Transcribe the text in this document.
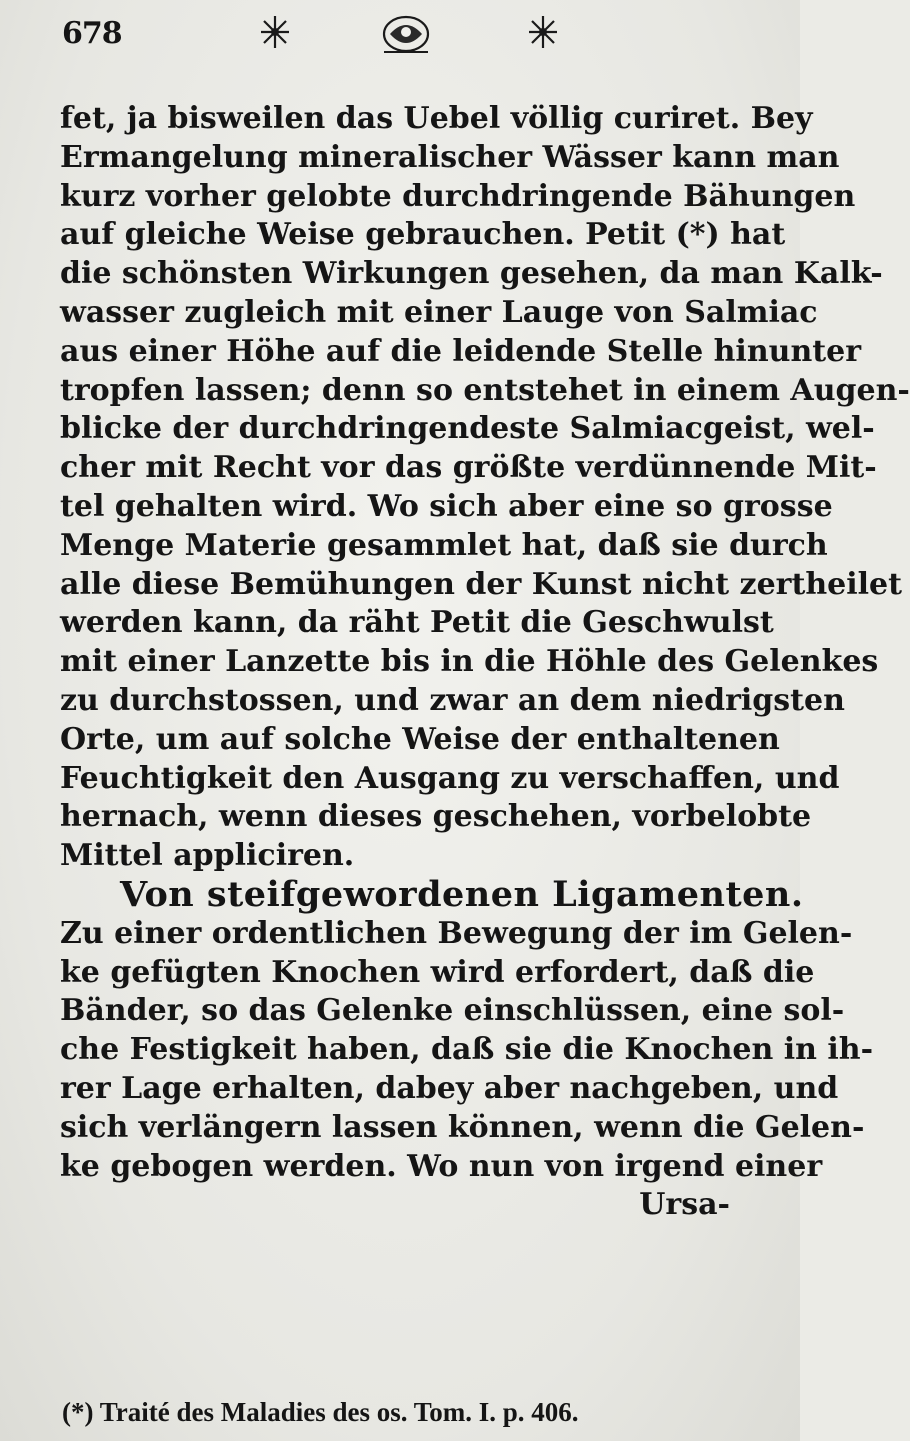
678
fet, ja bisweilen das Uebel völlig curiret. Bey
Ermangelung mineralischer Wässer kann man
kurz vorher gelobte durchdringende Bähungen
auf gleiche Weise gebrauchen. Petit (*) hat
die schönsten Wirkungen gesehen, da man Kalk-
wasser zugleich mit einer Lauge von Salmiac
aus einer Höhe auf die leidende Stelle hinunter
tropfen lassen; denn so entstehet in einem Augen-
blicke der durchdringendeste Salmiacgeist, wel-
cher mit Recht vor das größte verdünnende Mit-
tel gehalten wird. Wo sich aber eine so grosse
Menge Materie gesammlet hat, daß sie durch
alle diese Bemühungen der Kunst nicht zertheilet
werden kann, da räht Petit die Geschwulst
mit einer Lanzette bis in die Höhle des Gelenkes
zu durchstossen, und zwar an dem niedrigsten
Orte, um auf solche Weise der enthaltenen
Feuchtigkeit den Ausgang zu verschaffen, und
hernach, wenn dieses geschehen, vorbelobte
Mittel appliciren.
Von steifgewordenen Ligamenten.
Zu einer ordentlichen Bewegung der im Gelen-
ke gefügten Knochen wird erfordert, daß die
Bänder, so das Gelenke einschlüssen, eine sol-
che Festigkeit haben, daß sie die Knochen in ih-
rer Lage erhalten, dabey aber nachgeben, und
sich verlängern lassen können, wenn die Gelen-
ke gebogen werden. Wo nun von irgend einer
Ursa-
(*) Traité des Maladies des os. Tom. I. p. 406.
